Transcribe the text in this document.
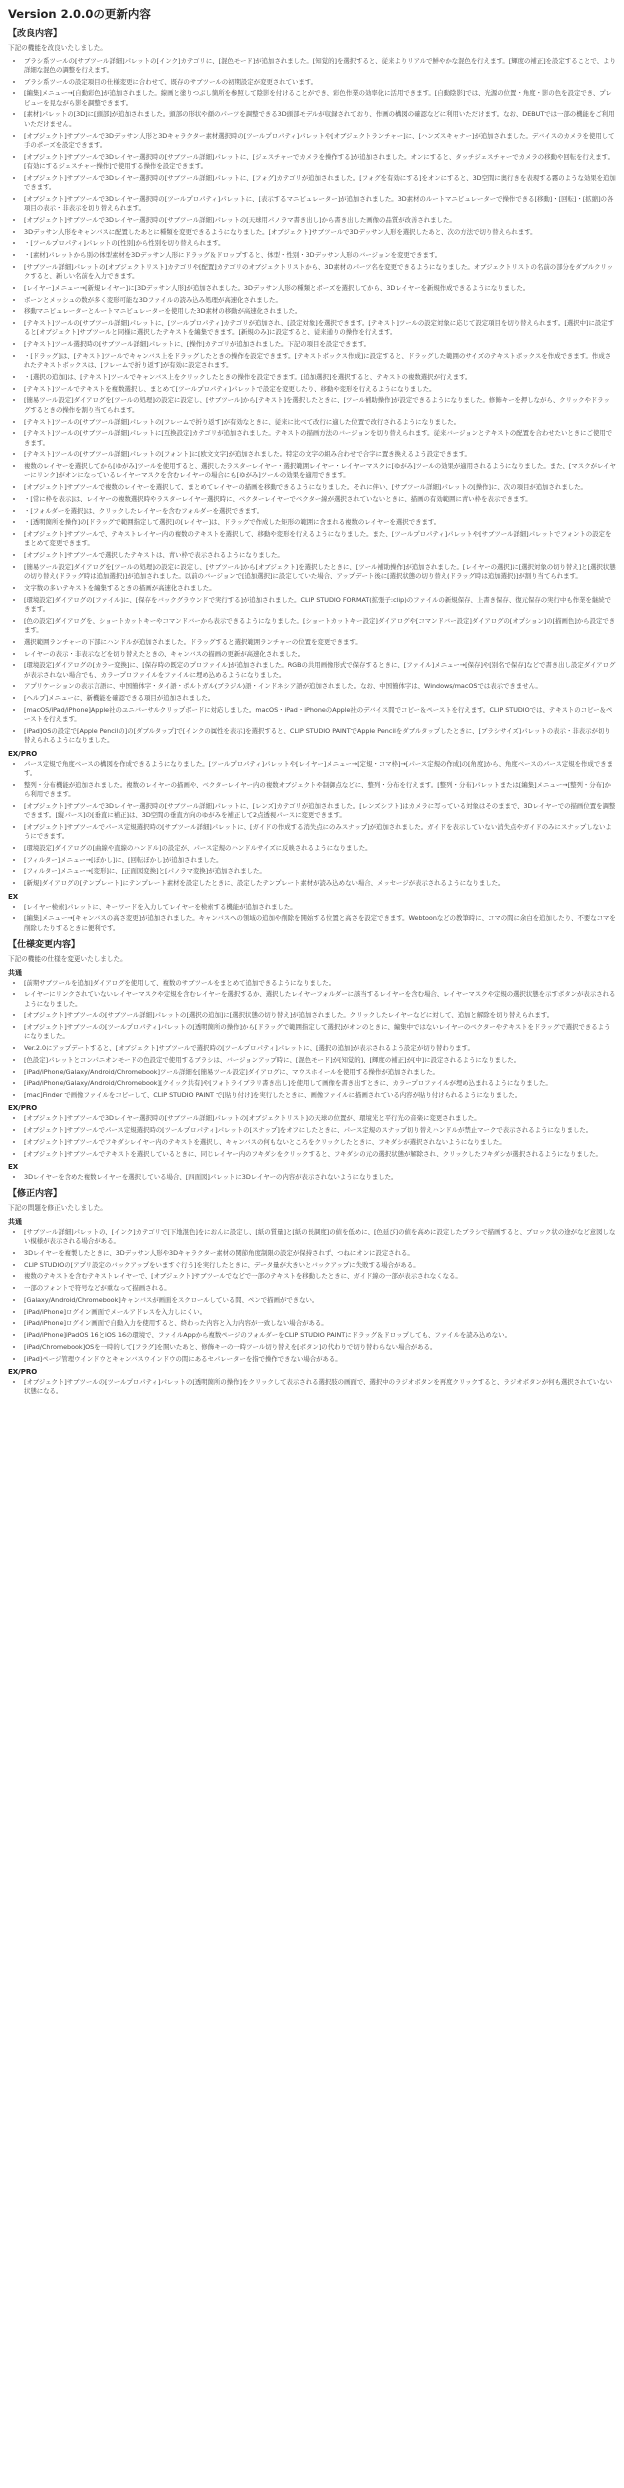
Version 2.0.0の更新内容
【改良内容】

下記の機能を改良いたしました。

• ブラシ系ツールの[サブツール詳細]パレットの[インク]カテゴリに、[混色モード]が追加されました。[知覚的]を選択すると、従来よりリアルで鮮やかな混色を行えます。[輝度の補正]を設定することで、より詳細な混色の調整を行えます。
• ブラシ系ツールの設定項目の仕様変更に合わせて、既存のサブツールの初期設定が変更されています。
• [編集]メニュー→[自動彩色]が追加されました。線画と塗りつぶし箇所を参照して陰影を付けることができ、彩色作業の効率化に活用できます。[自動陰影]では、光源の位置・角度・影の色を設定でき、プレビューを見ながら影を調整できます。
• [素材]パレットの[3D]に[頭部]が追加されました。頭部の形状や顔のパーツを調整できる3D頭部モデルが収録されており、作画の構図の確認などに利用いただけます。なお、DEBUTでは一部の機能をご利用いただけません。
• [オブジェクト]サブツールで3Dデッサン人形と3Dキャラクター素材選択時の[ツールプロパティ]パレットや[オブジェクトランチャー]に、[ハンズスキャナー]が追加されました。デバイスのカメラを使用して手のポーズを設定できます。
• [オブジェクト]サブツールで3Dレイヤー選択時の[サブツール詳細]パレットに、[ジェスチャーでカメラを操作する]が追加されました。オンにすると、タッチジェスチャーでカメラの移動や回転を行えます。[有効にするジェスチャー操作]で使用する操作を設定できます。
• [オブジェクト]サブツールで3Dレイヤー選択時の[サブツール詳細]パレットに、[フォグ]カテゴリが追加されました。[フォグを有効にする]をオンにすると、3D空間に奥行きを表現する霧のような効果を追加できます。
• [オブジェクト]サブツールで3Dレイヤー選択時の[ツールプロパティ]パレットに、[表示するマニピュレーター]が追加されました。3D素材のルートマニピュレーターで操作できる[移動]・[回転]・[拡縮]の各項目の表示・非表示を切り替えられます。
• [オブジェクト]サブツールで3Dレイヤー選択時の[サブツール詳細]パレットの[天球用パノラマ書き出し]から書き出した画像の品質が改善されました。
• 3Dデッサン人形をキャンバスに配置したあとに種類を変更できるようになりました。[オブジェクト]サブツールで3Dデッサン人形を選択したあと、次の方法で切り替えられます。
• ・[ツールプロパティ]パレットの[性別]から性別を切り替えられます。
• ・[素材]パレットから別の体型素材を3Dデッサン人形にドラッグ＆ドロップすると、体型・性別・3Dデッサン人形のバージョンを変更できます。
• [サブツール詳細]パレットの[オブジェクトリスト]カテゴリや[配置]カテゴリのオブジェクトリストから、3D素材のパーツ名を変更できるようになりました。オブジェクトリストの名前の部分をダブルクリックすると、新しい名前を入力できます。
• [レイヤー]メニュー→[新規レイヤー]に[3Dデッサン人形]が追加されました。3Dデッサン人形の種類とポーズを選択してから、3Dレイヤーを新規作成できるようになりました。
• ボーンとメッシュの数が多く変形可能な3Dファイルの読み込み処理が高速化されました。
• 移動マニピュレーターとルートマニピュレーターを使用した3D素材の移動が高速化されました。
• [テキスト]ツールの[サブツール詳細]パレットに、[ツールプロパティ]カテゴリが追加され、[設定対象]を選択できます。[テキスト]ツールの設定対象に応じて設定項目を切り替えられます。[選択中]に設定すると[オブジェクト]サブツールと同様に選択したテキストを編集できます。[新規のみ]に設定すると、従来通りの操作を行えます。
• [テキスト]ツール選択時の[サブツール詳細]パレットに、[操作]カテゴリが追加されました。下記の項目を設定できます。
• ・[ドラッグ]は、[テキスト]ツールでキャンバス上をドラッグしたときの操作を設定できます。[テキストボックス作成]に設定すると、ドラッグした範囲のサイズのテキストボックスを作成できます。作成されたテキストボックスは、[フレームで折り返す]が有効に設定されます。
• ・[選択の追加]は、[テキスト]ツールでキャンバス上をクリックしたときの操作を設定できます。[追加選択]を選択すると、テキストの複数選択が行えます。
• [テキスト]ツールでテキストを複数選択し、まとめて[ツールプロパティ]パレットで設定を変更したり、移動や変形を行えるようになりました。
• [簡易ツール設定]ダイアログを[ツールの処理]の設定に設定し、[サブツール]から[テキスト]を選択したときに、[ツール補助操作]が設定できるようになりました。修飾キーを押しながら、クリックやドラッグするときの操作を割り当てられます。
• [テキスト]ツールの[サブツール詳細]パレットの[フレームで折り返す]が有効なときに、従来に比べて改行に適した位置で改行されるようになりました。
• [テキスト]ツールの[サブツール詳細]パレットに[互換設定]カテゴリが追加されました。テキストの描画方法のバージョンを切り替えられます。従来バージョンとテキストの配置を合わせたいときにご使用できます。
• [テキスト]ツールの[サブツール詳細]パレットの[フォント]に[欧文文字]が追加されました。特定の文字の組み合わせで合字に置き換えるよう設定できます。
• 複数のレイヤーを選択してから[ゆがみ]ツールを使用すると、選択したラスターレイヤー・選択範囲レイヤー・レイヤーマスクに[ゆがみ]ツールの効果が適用されるようになりました。また、[マスクがレイヤーにリンク]がオンになっているレイヤーマスクを含むレイヤーの場合にも[ゆがみ]ツールの効果を適用できます。
• [オブジェクト]サブツールで複数のレイヤーを選択して、まとめてレイヤーの描画を移動できるようになりました。それに伴い、[サブツール詳細]パレットの[操作]に、次の項目が追加されました。
• ・[常に枠を表示]は、レイヤーの複数選択時やラスターレイヤー選択時に、ベクターレイヤーでベクター線が選択されていないときに、描画の有効範囲に青い枠を表示できます。
• ・[フォルダーを選択]は、クリックしたレイヤーを含むフォルダーを選択できます。
• ・[透明箇所を操作]の[ドラッグで範囲指定して選択]の[レイヤー]は、ドラッグで作成した矩形の範囲に含まれる複数のレイヤーを選択できます。
• [オブジェクト]サブツールで、テキストレイヤー内の複数のテキストを選択して、移動や変形を行えるようになりました。また、[ツールプロパティ]パレットや[サブツール詳細]パレットでフォントの設定をまとめて変更できます。
• [オブジェクト]サブツールで選択したテキストは、青い枠で表示されるようになりました。
• [簡易ツール設定]ダイアログを[ツールの処理]の設定に設定し、[サブツール]から[オブジェクト]を選択したときに、[ツール補助操作]が追加されました。[レイヤーの選択]に[選択対象の切り替え]と[選択状態の切り替え(ドラッグ時は追加選択)]が追加されました。以前のバージョンで[追加選択]に設定していた場合、アップデート後に[選択状態の切り替え(ドラッグ時は追加選択)]が割り当てられます。
• 文字数の多いテキストを編集するときの描画が高速化されました。
• [環境設定]ダイアログの[ファイル]に、[保存をバックグラウンドで実行する]が追加されました。CLIP STUDIO FORMAT(拡張子:clip)のファイルの新規保存、上書き保存、復元保存の実行中も作業を継続できます。
• [色の設定]ダイアログを、ショートカットキーやコマンドバーから表示できるようになりました。[ショートカットキー設定]ダイアログや[コマンドバー設定]ダイアログの[オプション]の[描画色]から設定できます。
• 選択範囲ランチャーの下部にハンドルが追加されました。ドラッグすると選択範囲ランチャーの位置を変更できます。
• レイヤーの表示・非表示などを切り替えたときの、キャンバスの描画の更新が高速化されました。
• [環境設定]ダイアログの[カラー変換]に、[保存時の既定のプロファイル]が追加されました。RGBの共用画像形式で保存するときに、[ファイル]メニュー→[保存]や[別名で保存]などで書き出し設定ダイアログが表示されない場合でも、カラープロファイルをファイルに埋め込めるようになりました。
• アプリケーションの表示言語に、中国簡体字・タイ語・ポルトガル(ブラジル)語・インドネシア語が追加されました。なお、中国簡体字は、Windows/macOSでは表示できません。
• [ヘルプ]メニューに、新機能を確認できる項目が追加されました。
• [macOS/iPad/iPhone]Apple社のユニバーサルクリップボードに対応しました。macOS・iPad・iPhoneのApple社のデバイス間でコピー＆ペーストを行えます。CLIP STUDIOでは、テキストのコピー＆ペーストを行えます。
• [iPad]OSの設定で[Apple Pencilの]の[ダブルタップ]で[インクの属性を表示]を選択すると、CLIP STUDIO PAINTでApple Pencilをダブルタップしたときに、[ブラシサイズ]パレットの表示・非表示が切り替えられるようになりました。
EX/PRO
• パース定規で角度ベースの構図を作成できるようになりました。[ツールプロパティ]パレットや[レイヤー]メニュー→[定規・コマ枠]→[パース定規の作成]の[角度]から、角度ベースのパース定規を作成できます。
• 整列・分布機能が追加されました。複数のレイヤーの描画や、ベクターレイヤー内の複数オブジェクトや制御点などに、整列・分布を行えます。[整列・分布]パレットまたは[編集]メニュー→[整列・分布]から利用できます。
• [オブジェクト]サブツールで3Dレイヤー選択時の[サブツール詳細]パレットに、[レンズ]カテゴリが追加されました。[レンズシフト]はカメラに写っている対象はそのままで、3Dレイヤーでの描画位置を調整できます。[縦パース]の[垂直に補正]は、3D空間の垂直方向のゆがみを補正して2点透視パースに変更できます。
• [オブジェクト]サブツールでパース定規選択時の[サブツール詳細]パレットに、[ガイドの作成する消失点にのみスナップ]が追加されました。ガイドを表示していない消失点やガイドのみにスナップしないようにできます。
• [環境設定]ダイアログの[曲線や直線のハンドル]の設定が、パース定規のハンドルサイズに反映されるようになりました。
• [フィルター]メニュー→[ぼかし]に、[回転ぼかし]が追加されました。
• [フィルター]メニュー→[変形]に、[正面図変換]と[パノラマ変換]が追加されました。
• [新規]ダイアログの[テンプレート]にテンプレート素材を設定したときに、設定したテンプレート素材が読み込めない場合、メッセージが表示されるようになりました。
EX
• [レイヤー検索]パレットに、キーワードを入力してレイヤーを検索する機能が追加されました。
• [編集]メニュー→[キャンバスの高さ変更]が追加されました。キャンバスへの領域の追加や削除を開始する位置と高さを設定できます。Webtoonなどの教筆時に、コマの間に余白を追加したり、不要なコマを削除したりするときに便利です。
【仕様変更内容】

下記の機能の仕様を変更いたしました。

共通
• [前期サブツールを追加]ダイアログを使用して、複数のサブツールをまとめて追加できるようになりました。
• レイヤーにリンクされていないレイヤーマスクや定規を含むレイヤーを選択するか、選択したレイヤーフォルダーに該当するレイヤーを含む場合、レイヤーマスクや定規の選択状態を示すボタンが表示されるようになりました。
• [オブジェクト]サブツールの[サブツール詳細]パレットの[選択の追加]に[選択状態の切り替え]が追加されました。クリックしたレイヤーなどに対して、追加と解除を切り替えられます。
• [オブジェクト]サブツールの[ツールプロパティ]パレットの[透明箇所の操作]から[ドラッグで範囲指定して選択]がオンのときに、編集中ではないレイヤーのベクターやテキストをドラッグで選択できるようになりました。
• Ver.2.0にアップデートすると、[オブジェクト]サブツールで選択時の[ツールプロパティ]パレットに、[選択の追加]が表示されるよう設定が切り替わります。
• [色設定]パレットとコンパニオンモードの色設定で使用するブラシは、バージョンアップ時に、[混色モード]が[知覚的]、[輝度の補正]が[中]に設定されるようになりました。
• [iPad/iPhone/Galaxy/Android/Chromebook]ツール詳細を[簡易ツール設定]ダイアログに、マウスホイールを使用する操作が追加されました。
• [iPad/iPhone/Galaxy/Android/Chromebook][クイック共有]や[フォトライブラリ書き出し]を使用して画像を書き出すときに、カラープロファイルが埋め込まれるようになりました。
• [mac]Finder で画像ファイルをコピーして、CLIP STUDIO PAINT で[貼り付け]を実行したときに、画像ファイルに描画されている内容が貼り付けられるようになりました。
EX/PRO
• [オブジェクト]サブツールで3Dレイヤー選択時の[サブツール詳細]パレットの[オブジェクトリスト]の天球の位置が、環境光と平行光の音楽に変更されました。
• [オブジェクト]サブツールでパース定規選択時の[ツールプロパティ]パレットの[スナップ]をオフにしたときに、パース定規のスナップ切り替えハンドルが禁止マークで表示されるようになりました。
• [オブジェクト]サブツールでフキダシレイヤー内のテキストを選択し、キャンバスの何もないところをクリックしたときに、フキダシが選択されないようになりました。
• [オブジェクト]サブツールでテキストを選択しているときに、同じレイヤー内のフキダシをクリックすると、フキダシの元の選択状態が解除され、クリックしたフキダシが選択されるようになりました。
EX
• 3Dレイヤーを含めた複数レイヤーを選択している場合、[四面図]パレットに3Dレイヤーの内容が表示されないようになりました。
【修正内容】

下記の問題を修正いたしました。

共通
• [サブツール詳細]パレットの、[インク]カテゴリで[下地混色]をにおんに設定し、[紙の質量]と[紙の長調度]の値を低めに、[色延び]の値を高めに設定したブラシで描画すると、ブロック状の途がなど意図しない模様が表示される場合がある。
• 3Dレイヤーを複製したときに、3Dデッサン人形や3Dキャラクター素材の関節角度制限の設定が保持されず、つねにオンに設定される。
• CLIP STUDIOの[アプリ設定のバックアップをいますぐ行う]を実行したときに、データ量が大きいとバックアップに失敗する場合がある。
• 複数のテキストを含むテキストレイヤーで、[オブジェクト]サブツールでなどで一部のテキストを移動したときに、ガイド線の一部が表示されなくなる。
• 一部のフォントで符号などが重なって描画される。
• [Galaxy/Android/Chromebook]キャンバスが画面をスクロールしている間、ペンで描画ができない。
• [iPad/iPhone]ログイン画面でメールアドレスを入力しにくい。
• [iPad/iPhone]ログイン画面で自動入力を使用すると、終わった内容と入力内容が一致しない場合がある。
• [iPad/iPhone]iPadOS 16とiOS 16の環境で、ファイルAppから複数ページのフォルダーをCLIP STUDIO PAINTにドラッグ＆ドロップしても、ファイルを読み込めない。
• [iPad/Chromebook]OSを一時的して[フラグ]を開いたあと、修飾キーの一時ツール切り替えを[ボタン]の代わりで切り替わらない場合がある。
• [iPad]ページ管理ウインドウとキャンバスウインドウの間にあるセパレーターを指で操作できない場合がある。
EX/PRO
• [オブジェクト]サブツールの[ツールプロパティ]パレットの[透明箇所の操作]をクリックして表示される選択肢の画面で、選択中のラジオボタンを再度クリックすると、ラジオボタンが何も選択されていない状態になる。
